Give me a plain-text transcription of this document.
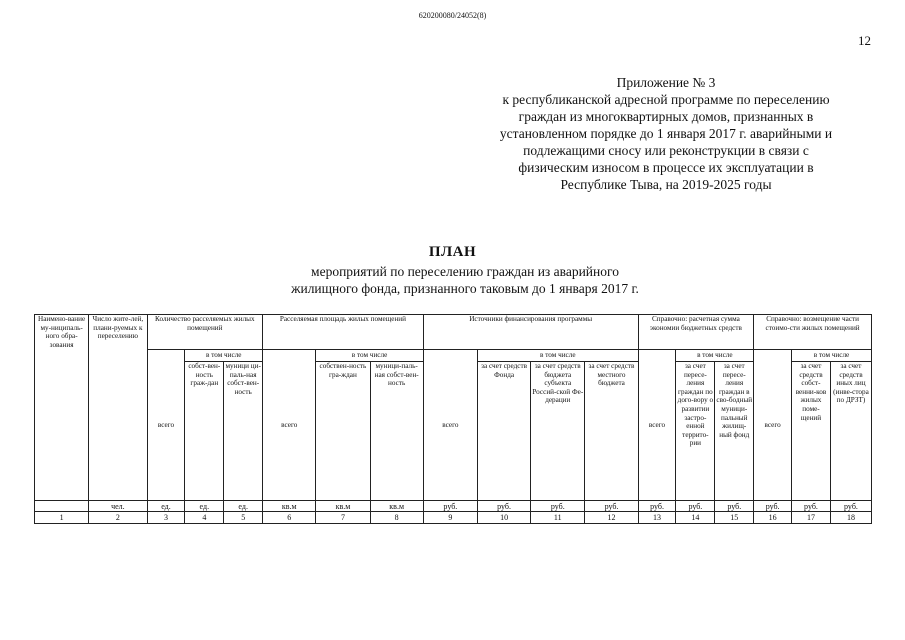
620200080/24052(8)
12
Приложение № 3
к республиканской адресной программе по переселению
граждан из многоквартирных домов, признанных в
установленном порядке до 1 января 2017 г. аварийными и
подлежащими сносу или реконструкции в связи с
физическим износом в процессе их эксплуатации в
Республике Тыва, на 2019-2025 годы
ПЛАН
мероприятий по переселению граждан из аварийного
жилищного фонда, признанного таковым до 1 января 2017 г.
Наимено-вание му-ниципаль-ного обра-зования	Число жите-лей, плани-руемых к переселению	Количество расселяемых жилых помещений			Расселяемая площадь жилых помещений			Источники финансирования программы				Справочно: расчетная сумма экономии бюджетных средств			Справочно: возмещение части стоимо-сти жилых помещений		
		всего	в том числе		всего	в том числе		всего	в том числе			всего	в том числе		всего	в том числе	
			собст-вен-ность граж-дан	муници ци-паль-ная собст-вен-ность		собствен-ность гра-ждан	муници-паль-ная собст-вен-ность		за счет средств Фонда	за счет средств бюджета субъекта Россий-ской Фе-дерации	за счет средств местного бюджета		за счет пересе-ления граждан по дого-вору о развитии застро-енной террито-рии	за счет пересе-ления граждан в сво-бодный муници-пальный жилищ-ный фонд		за счет средств собст-венни-ков жилых поме-щений	за счет средств иных лиц (инве-стора по ДРЗТ)
	чел.	ед.	ед.	ед.	кв.м	кв.м	кв.м	руб.	руб.	руб.	руб.	руб.	руб.	руб.	руб.	руб.	руб.
1	2	3	4	5	6	7	8	9	10	11	12	13	14	15	16	17	18
